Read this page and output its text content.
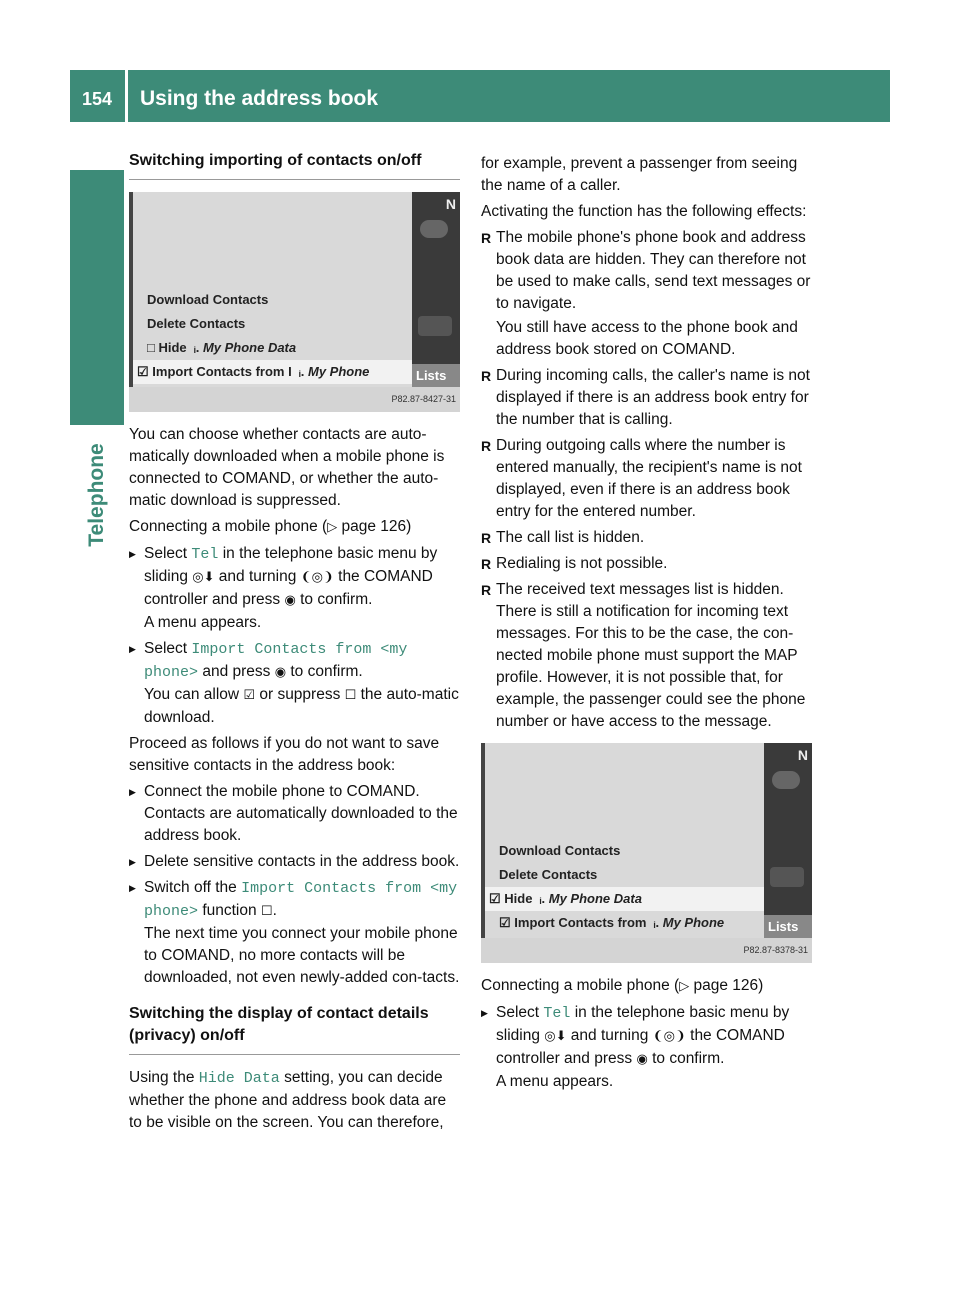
154	Using the address book
Telephone
Switching importing of contacts on/off
Download Contacts
Delete Contacts
□ Hide  ᵢ. My Phone Data
☑ Import Contacts from I  ᵢ. My Phone
N
Lists
P82.87-8427-31

You can choose whether contacts are auto-matically downloaded when a mobile phone is connected to COMAND, or whether the auto-matic download is suppressed.

Connecting a mobile phone (▷ page 126)

▶ Select Tel in the telephone basic menu by sliding ◎⬇ and turning ❨◎❩ the COMAND controller and press ◉ to confirm.
A menu appears.
▶ Select Import Contacts from <my phone> and press ◉ to confirm.
You can allow ☑ or suppress ☐ the auto-matic download.

Proceed as follows if you do not want to save sensitive contacts in the address book:

▶ Connect the mobile phone to COMAND. Contacts are automatically downloaded to the address book.
▶ Delete sensitive contacts in the address book.
▶ Switch off the Import Contacts from <my phone> function ☐.
The next time you connect your mobile phone to COMAND, no more contacts will be downloaded, not even newly-added con-tacts.
Switching the display of contact details (privacy) on/off

Using the Hide Data setting, you can decide whether the phone and address book data are to be visible on the screen. You can therefore,

for example, prevent a passenger from seeing the name of a caller.

Activating the function has the following effects:

R The mobile phone's phone book and address book data are hidden. They can therefore not be used to make calls, send text messages or to navigate.
You still have access to the phone book and address book stored on COMAND.
R During incoming calls, the caller's name is not displayed if there is an address book entry for the number that is calling.
R During outgoing calls where the number is entered manually, the recipient's name is not displayed, even if there is an address book entry for the entered number.
R The call list is hidden.
R Redialing is not possible.
R The received text messages list is hidden. There is still a notification for incoming text messages. For this to be the case, the con-nected mobile phone must support the MAP profile. However, it is not possible that, for example, the passenger could see the phone number or have access to the message.
Download Contacts
Delete Contacts
☑ Hide  ᵢ. My Phone Data
☑ Import Contacts from  ᵢ. My Phone
N
Lists
P82.87-8378-31

Connecting a mobile phone (▷ page 126)

▶ Select Tel in the telephone basic menu by sliding ◎⬇ and turning ❨◎❩ the COMAND controller and press ◉ to confirm.
A menu appears.
